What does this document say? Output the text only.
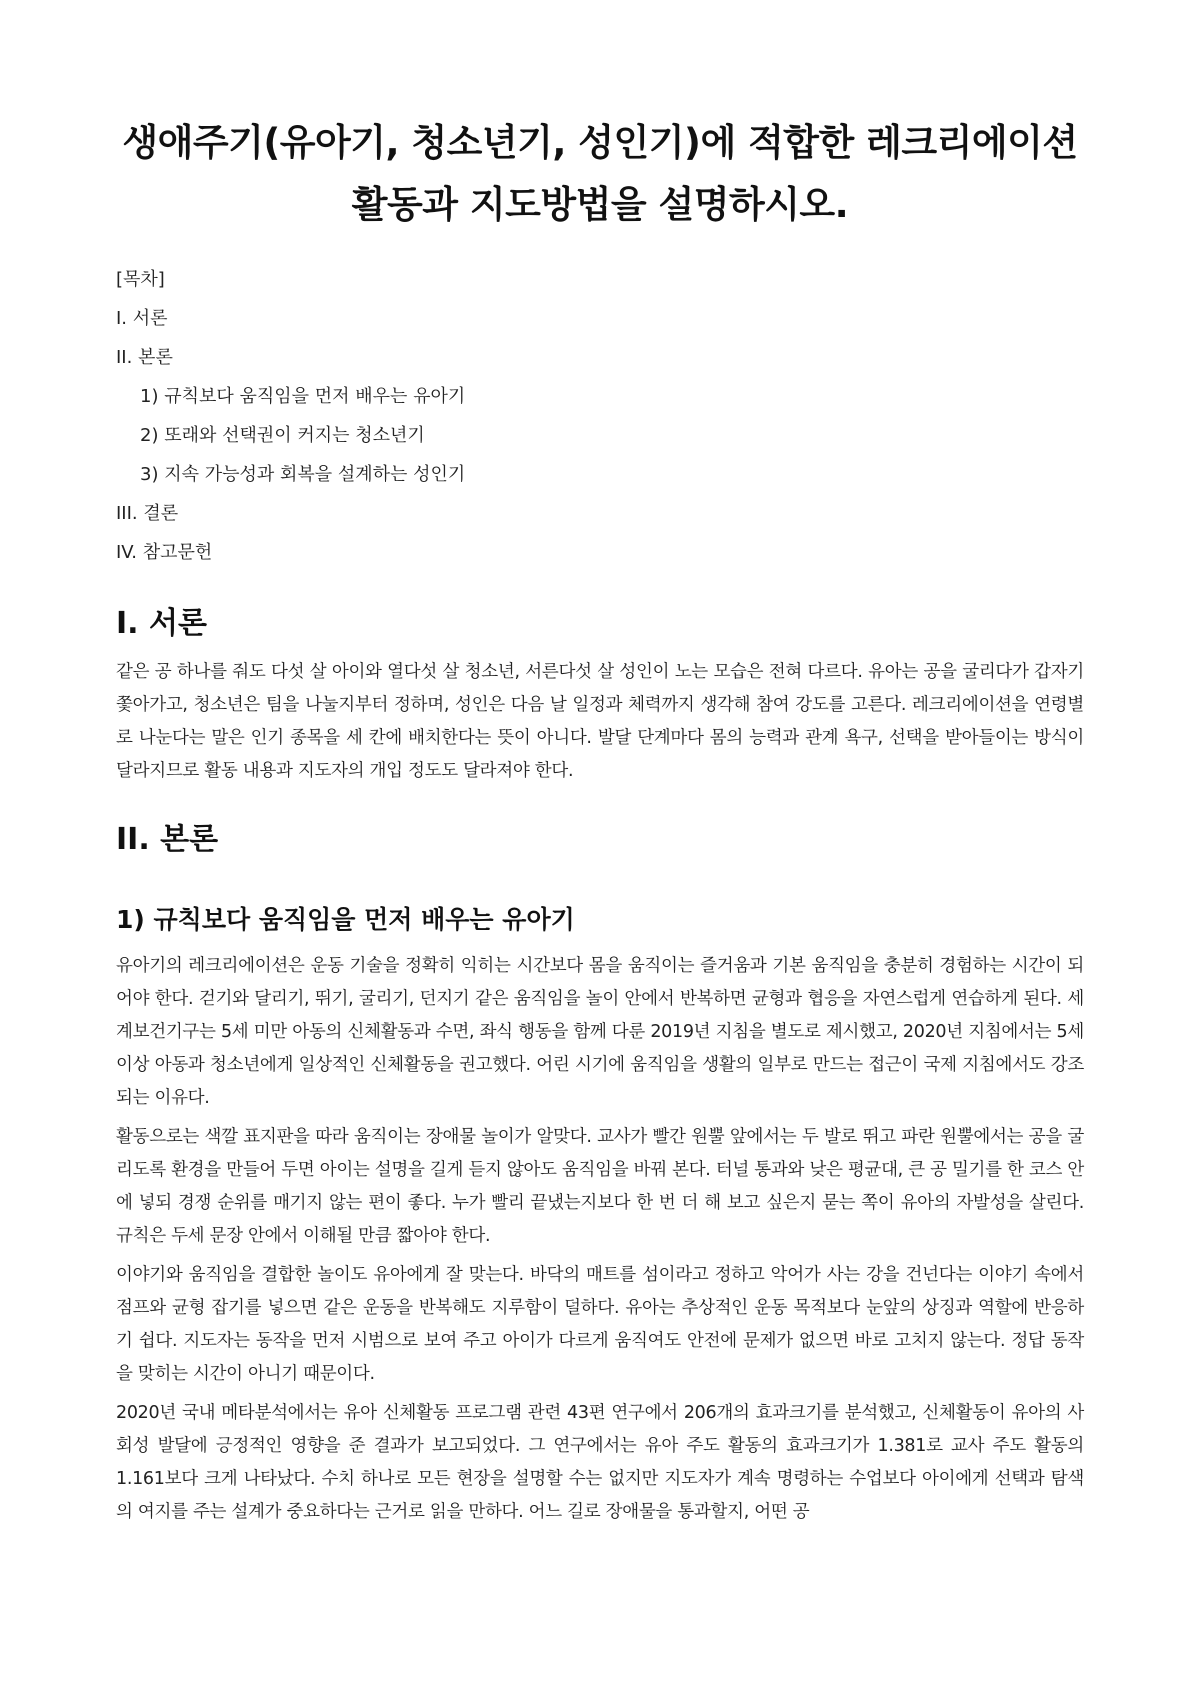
생애주기(유아기, 청소년기, 성인기)에 적합한 레크리에이션
활동과 지도방법을 설명하시오.
[목차]
I. 서론
II. 본론
1) 규칙보다 움직임을 먼저 배우는 유아기
2) 또래와 선택권이 커지는 청소년기
3) 지속 가능성과 회복을 설계하는 성인기
III. 결론
IV. 참고문헌
I. 서론

같은 공 하나를 줘도 다섯 살 아이와 열다섯 살 청소년, 서른다섯 살 성인이 노는 모습은 전혀 다르다. 유아는 공을 굴리다가 갑자기 쫓아가고, 청소년은 팀을 나눌지부터 정하며, 성인은 다음 날 일정과 체력까지 생각해 참여 강도를 고른다. 레크리에이션을 연령별로 나눈다는 말은 인기 종목을 세 칸에 배치한다는 뜻이 아니다. 발달 단계마다 몸의 능력과 관계 욕구, 선택을 받아들이는 방식이 달라지므로 활동 내용과 지도자의 개입 정도도 달라져야 한다.

II. 본론
1) 규칙보다 움직임을 먼저 배우는 유아기

유아기의 레크리에이션은 운동 기술을 정확히 익히는 시간보다 몸을 움직이는 즐거움과 기본 움직임을 충분히 경험하는 시간이 되어야 한다. 걷기와 달리기, 뛰기, 굴리기, 던지기 같은 움직임을 놀이 안에서 반복하면 균형과 협응을 자연스럽게 연습하게 된다. 세계보건기구는 5세 미만 아동의 신체활동과 수면, 좌식 행동을 함께 다룬 2019년 지침을 별도로 제시했고, 2020년 지침에서는 5세 이상 아동과 청소년에게 일상적인 신체활동을 권고했다. 어린 시기에 움직임을 생활의 일부로 만드는 접근이 국제 지침에서도 강조되는 이유다.

활동으로는 색깔 표지판을 따라 움직이는 장애물 놀이가 알맞다. 교사가 빨간 원뿔 앞에서는 두 발로 뛰고 파란 원뿔에서는 공을 굴리도록 환경을 만들어 두면 아이는 설명을 길게 듣지 않아도 움직임을 바꿔 본다. 터널 통과와 낮은 평균대, 큰 공 밀기를 한 코스 안에 넣되 경쟁 순위를 매기지 않는 편이 좋다. 누가 빨리 끝냈는지보다 한 번 더 해 보고 싶은지 묻는 쪽이 유아의 자발성을 살린다. 규칙은 두세 문장 안에서 이해될 만큼 짧아야 한다.

이야기와 움직임을 결합한 놀이도 유아에게 잘 맞는다. 바닥의 매트를 섬이라고 정하고 악어가 사는 강을 건넌다는 이야기 속에서 점프와 균형 잡기를 넣으면 같은 운동을 반복해도 지루함이 덜하다. 유아는 추상적인 운동 목적보다 눈앞의 상징과 역할에 반응하기 쉽다. 지도자는 동작을 먼저 시범으로 보여 주고 아이가 다르게 움직여도 안전에 문제가 없으면 바로 고치지 않는다. 정답 동작을 맞히는 시간이 아니기 때문이다.

2020년 국내 메타분석에서는 유아 신체활동 프로그램 관련 43편 연구에서 206개의 효과크기를 분석했고, 신체활동이 유아의 사회성 발달에 긍정적인 영향을 준 결과가 보고되었다. 그 연구에서는 유아 주도 활동의 효과크기가 1.381로 교사 주도 활동의 1.161보다 크게 나타났다. 수치 하나로 모든 현장을 설명할 수는 없지만 지도자가 계속 명령하는 수업보다 아이에게 선택과 탐색의 여지를 주는 설계가 중요하다는 근거로 읽을 만하다. 어느 길로 장애물을 통과할지, 어떤 공
